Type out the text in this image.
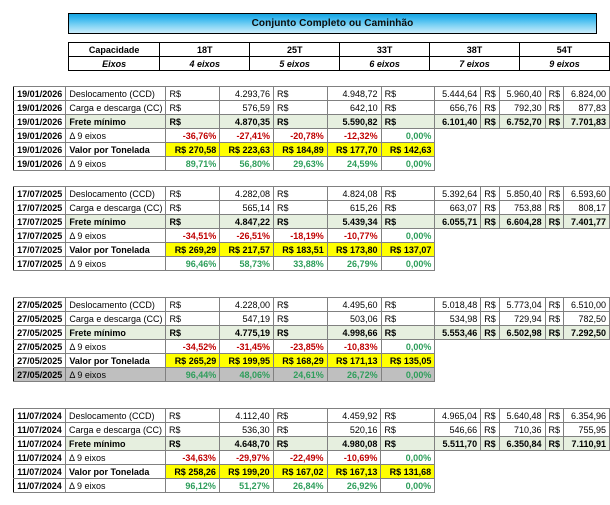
Conjunto Completo ou Caminhão
Capacidade	18T	25T	33T	38T	54T
Eixos	4 eixos	5 eixos	6 eixos	7 eixos	9 eixos
19/01/2026	Deslocamento (CCD)	R$	4.293,76	R$	4.948,72	R$	5.444,64	R$	5.960,40	R$	6.824,00
19/01/2026	Carga e descarga (CC)	R$	576,59	R$	642,10	R$	656,76	R$	792,30	R$	877,83
19/01/2026	Frete mínimo	R$	4.870,35	R$	5.590,82	R$	6.101,40	R$	6.752,70	R$	7.701,83
19/01/2026	Δ 9 eixos	-36,76%	-27,41%	-20,78%	-12,32%	0,00%					
19/01/2026	Valor por Tonelada	R$ 270,58	R$ 223,63	R$ 184,89	R$ 177,70	R$ 142,63					
19/01/2026	Δ 9 eixos	89,71%	56,80%	29,63%	24,59%	0,00%					
17/07/2025	Deslocamento (CCD)	R$	4.282,08	R$	4.824,08	R$	5.392,64	R$	5.850,40	R$	6.593,60
17/07/2025	Carga e descarga (CC)	R$	565,14	R$	615,26	R$	663,07	R$	753,88	R$	808,17
17/07/2025	Frete mínimo	R$	4.847,22	R$	5.439,34	R$	6.055,71	R$	6.604,28	R$	7.401,77
17/07/2025	Δ 9 eixos	-34,51%	-26,51%	-18,19%	-10,77%	0,00%					
17/07/2025	Valor por Tonelada	R$ 269,29	R$ 217,57	R$ 183,51	R$ 173,80	R$ 137,07					
17/07/2025	Δ 9 eixos	96,46%	58,73%	33,88%	26,79%	0,00%					
27/05/2025	Deslocamento (CCD)	R$	4.228,00	R$	4.495,60	R$	5.018,48	R$	5.773,04	R$	6.510,00
27/05/2025	Carga e descarga (CC)	R$	547,19	R$	503,06	R$	534,98	R$	729,94	R$	782,50
27/05/2025	Frete mínimo	R$	4.775,19	R$	4.998,66	R$	5.553,46	R$	6.502,98	R$	7.292,50
27/05/2025	Δ 9 eixos	-34,52%	-31,45%	-23,85%	-10,83%	0,00%					
27/05/2025	Valor por Tonelada	R$ 265,29	R$ 199,95	R$ 168,29	R$ 171,13	R$ 135,05					
27/05/2025	Δ 9 eixos	96,44%	48,06%	24,61%	26,72%	0,00%					
11/07/2024	Deslocamento (CCD)	R$	4.112,40	R$	4.459,92	R$	4.965,04	R$	5.640,48	R$	6.354,96
11/07/2024	Carga e descarga (CC)	R$	536,30	R$	520,16	R$	546,66	R$	710,36	R$	755,95
11/07/2024	Frete mínimo	R$	4.648,70	R$	4.980,08	R$	5.511,70	R$	6.350,84	R$	7.110,91
11/07/2024	Δ 9 eixos	-34,63%	-29,97%	-22,49%	-10,69%	0,00%					
11/07/2024	Valor por Tonelada	R$ 258,26	R$ 199,20	R$ 167,02	R$ 167,13	R$ 131,68					
11/07/2024	Δ 9 eixos	96,12%	51,27%	26,84%	26,92%	0,00%					
